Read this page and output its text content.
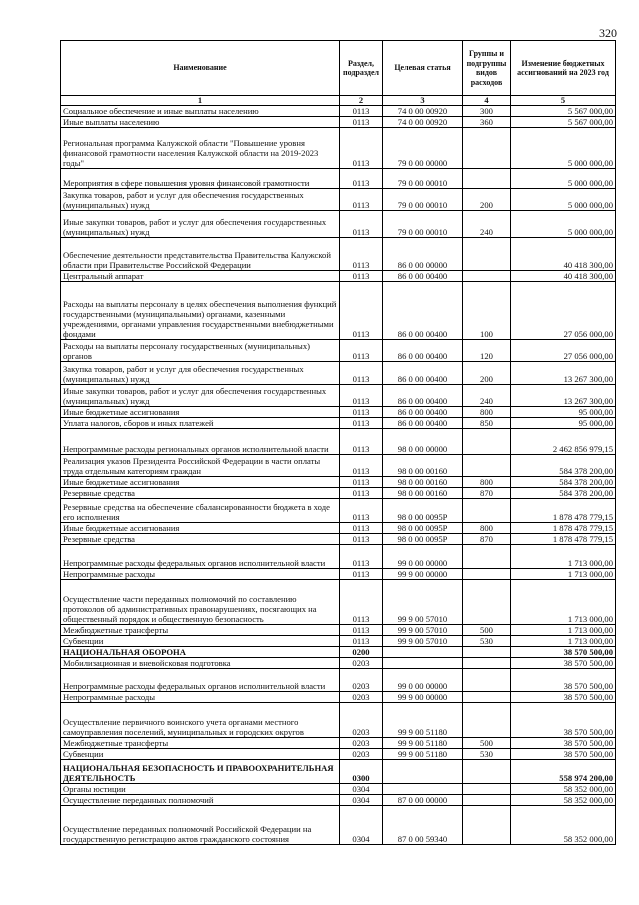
320
Наименование	Раздел, подраздел	Целевая статья	Группы и подгруппы видов расходов	Изменение бюджетных ассигнований на 2023 год
1	2	3	4	5
Социальное обеспечение и иные выплаты населению	0113	74 0 00 00920	300	5 567 000,00
Иные выплаты населению	0113	74 0 00 00920	360	5 567 000,00
Региональная программа Калужской области "Повышение уровня финансовой грамотности населения Калужской области на 2019-2023 годы"	0113	79 0 00 00000		5 000 000,00
Мероприятия в сфере повышения уровня финансовой грамотности	0113	79 0 00 00010		5 000 000,00
Закупка товаров, работ и услуг для обеспечения государственных (муниципальных) нужд	0113	79 0 00 00010	200	5 000 000,00
Иные закупки товаров, работ и услуг для обеспечения государственных (муниципальных) нужд	0113	79 0 00 00010	240	5 000 000,00
Обеспечение деятельности представительства Правительства Калужской области при Правительстве Российской Федерации	0113	86 0 00 00000		40 418 300,00
Центральный аппарат	0113	86 0 00 00400		40 418 300,00
Расходы на выплаты персоналу в целях обеспечения выполнения функций государственными (муниципальными) органами, казенными учреждениями, органами управления государственными внебюджетными фондами	0113	86 0 00 00400	100	27 056 000,00
Расходы на выплаты персоналу государственных (муниципальных) органов	0113	86 0 00 00400	120	27 056 000,00
Закупка товаров, работ и услуг для обеспечения государственных (муниципальных) нужд	0113	86 0 00 00400	200	13 267 300,00
Иные закупки товаров, работ и услуг для обеспечения государственных (муниципальных) нужд	0113	86 0 00 00400	240	13 267 300,00
Иные бюджетные ассигнования	0113	86 0 00 00400	800	95 000,00
Уплата налогов, сборов и иных платежей	0113	86 0 00 00400	850	95 000,00
Непрограммные расходы региональных органов исполнительной власти	0113	98 0 00 00000		2 462 856 979,15
Реализация указов Президента Российской Федерации в части оплаты труда отдельным категориям граждан	0113	98 0 00 00160		584 378 200,00
Иные бюджетные ассигнования	0113	98 0 00 00160	800	584 378 200,00
Резервные средства	0113	98 0 00 00160	870	584 378 200,00
Резервные средства на обеспечение сбалансированности бюджета в ходе его исполнения	0113	98 0 00 0095Р		1 878 478 779,15
Иные бюджетные ассигнования	0113	98 0 00 0095Р	800	1 878 478 779,15
Резервные средства	0113	98 0 00 0095Р	870	1 878 478 779,15
Непрограммные расходы федеральных органов исполнительной власти	0113	99 0 00 00000		1 713 000,00
Непрограммные расходы	0113	99 9 00 00000		1 713 000,00
Осуществление части переданных полномочий по составлению протоколов об административных правонарушениях, посягающих на общественный порядок и общественную безопасность	0113	99 9 00 57010		1 713 000,00
Межбюджетные трансферты	0113	99 9 00 57010	500	1 713 000,00
Субвенции	0113	99 9 00 57010	530	1 713 000,00
НАЦИОНАЛЬНАЯ ОБОРОНА	0200			38 570 500,00
Мобилизационная и вневойсковая подготовка	0203			38 570 500,00
Непрограммные расходы федеральных органов исполнительной власти	0203	99 0 00 00000		38 570 500,00
Непрограммные расходы	0203	99 9 00 00000		38 570 500,00
Осуществление первичного воинского учета органами местного самоуправления поселений, муниципальных и городских округов	0203	99 9 00 51180		38 570 500,00
Межбюджетные трансферты	0203	99 9 00 51180	500	38 570 500,00
Субвенции	0203	99 9 00 51180	530	38 570 500,00
НАЦИОНАЛЬНАЯ БЕЗОПАСНОСТЬ И ПРАВООХРАНИТЕЛЬНАЯ ДЕЯТЕЛЬНОСТЬ	0300			558 974 200,00
Органы юстиции	0304			58 352 000,00
Осуществление переданных полномочий	0304	87 0 00 00000		58 352 000,00
Осуществление переданных полномочий Российской Федерации на государственную регистрацию актов гражданского состояния	0304	87 0 00 59340		58 352 000,00
